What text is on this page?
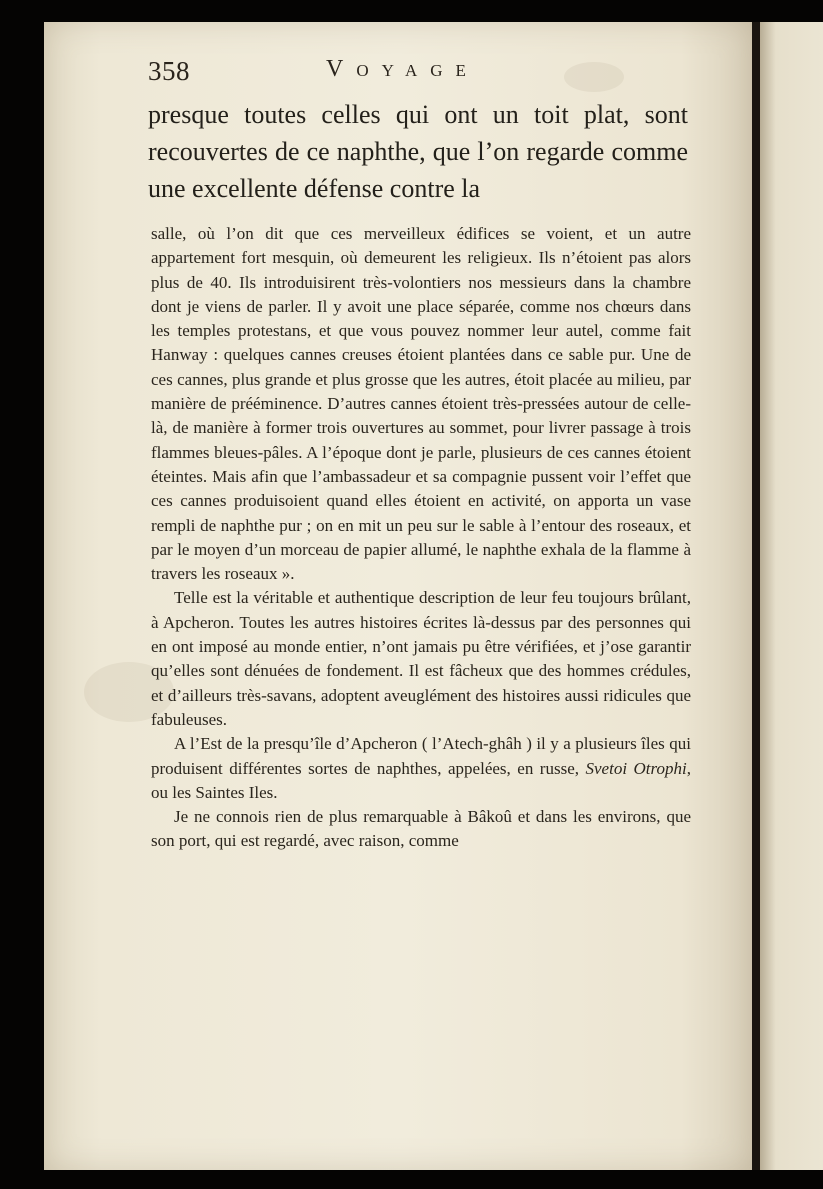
358	Voyage
presque toutes celles qui ont un toit plat, sont recouvertes de ce naphthe, que l’on regarde comme une excellente défense contre la

salle, où l’on dit que ces merveilleux édifices se voient, et un autre appartement fort mesquin, où demeurent les religieux. Ils n’étoient pas alors plus de 40. Ils introduisirent très-volontiers nos messieurs dans la chambre dont je viens de parler. Il y avoit une place séparée, comme nos chœurs dans les temples protestans, et que vous pouvez nommer leur autel, comme fait Hanway : quelques cannes creuses étoient plantées dans ce sable pur. Une de ces cannes, plus grande et plus grosse que les autres, étoit placée au milieu, par manière de prééminence. D’autres cannes étoient très-pressées autour de celle-là, de manière à former trois ouvertures au sommet, pour livrer passage à trois flammes bleues-pâles. A l’époque dont je parle, plusieurs de ces cannes étoient éteintes. Mais afin que l’ambassadeur et sa compagnie pussent voir l’effet que ces cannes produisoient quand elles étoient en activité, on apporta un vase rempli de naphthe pur ; on en mit un peu sur le sable à l’entour des roseaux, et par le moyen d’un morceau de papier allumé, le naphthe exhala de la flamme à travers les roseaux ».

Telle est la véritable et authentique description de leur feu toujours brûlant, à Apcheron. Toutes les autres histoires écrites là-dessus par des personnes qui en ont imposé au monde entier, n’ont jamais pu être vérifiées, et j’ose garantir qu’elles sont dénuées de fondement. Il est fâcheux que des hommes crédules, et d’ailleurs très-savans, adoptent aveuglément des histoires aussi ridicules que fabuleuses.

A l’Est de la presqu’île d’Apcheron ( l’Atech-ghâh ) il y a plusieurs îles qui produisent différentes sortes de naphthes, appelées, en russe, Svetoi Otrophi, ou les Saintes Iles.

Je ne connois rien de plus remarquable à Bâkoû et dans les environs, que son port, qui est regardé, avec raison, comme
